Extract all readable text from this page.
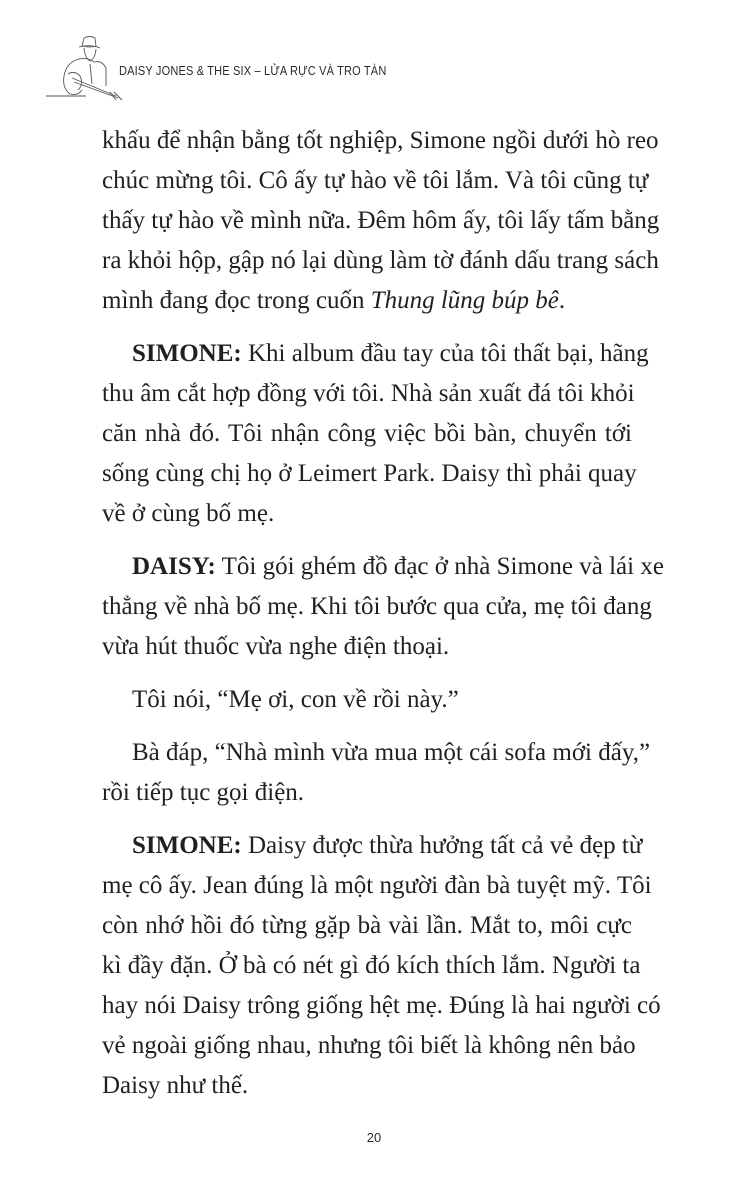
DAISY JONES & THE SIX – LỬA RỰC VÀ TRO TÀN
khấu để nhận bằng tốt nghiệp, Simone ngồi dưới hò reo
chúc mừng tôi. Cô ấy tự hào về tôi lắm. Và tôi cũng tự
thấy tự hào về mình nữa. Đêm hôm ấy, tôi lấy tấm bằng
ra khỏi hộp, gập nó lại dùng làm tờ đánh dấu trang sách
mình đang đọc trong cuốn Thung lũng búp bê.
SIMONE: Khi album đầu tay của tôi thất bại, hãng
thu âm cắt hợp đồng với tôi. Nhà sản xuất đá tôi khỏi
căn nhà đó. Tôi nhận công việc bồi bàn, chuyển tới
sống cùng chị họ ở Leimert Park. Daisy thì phải quay
về ở cùng bố mẹ.
DAISY: Tôi gói ghém đồ đạc ở nhà Simone và lái xe
thẳng về nhà bố mẹ. Khi tôi bước qua cửa, mẹ tôi đang
vừa hút thuốc vừa nghe điện thoại.
Tôi nói, “Mẹ ơi, con về rồi này.”
Bà đáp, “Nhà mình vừa mua một cái sofa mới đấy,”
rồi tiếp tục gọi điện.
SIMONE: Daisy được thừa hưởng tất cả vẻ đẹp từ
mẹ cô ấy. Jean đúng là một người đàn bà tuyệt mỹ. Tôi
còn nhớ hồi đó từng gặp bà vài lần. Mắt to, môi cực
kì đầy đặn. Ở bà có nét gì đó kích thích lắm. Người ta
hay nói Daisy trông giống hệt mẹ. Đúng là hai người có
vẻ ngoài giống nhau, nhưng tôi biết là không nên bảo
Daisy như thế.
20
